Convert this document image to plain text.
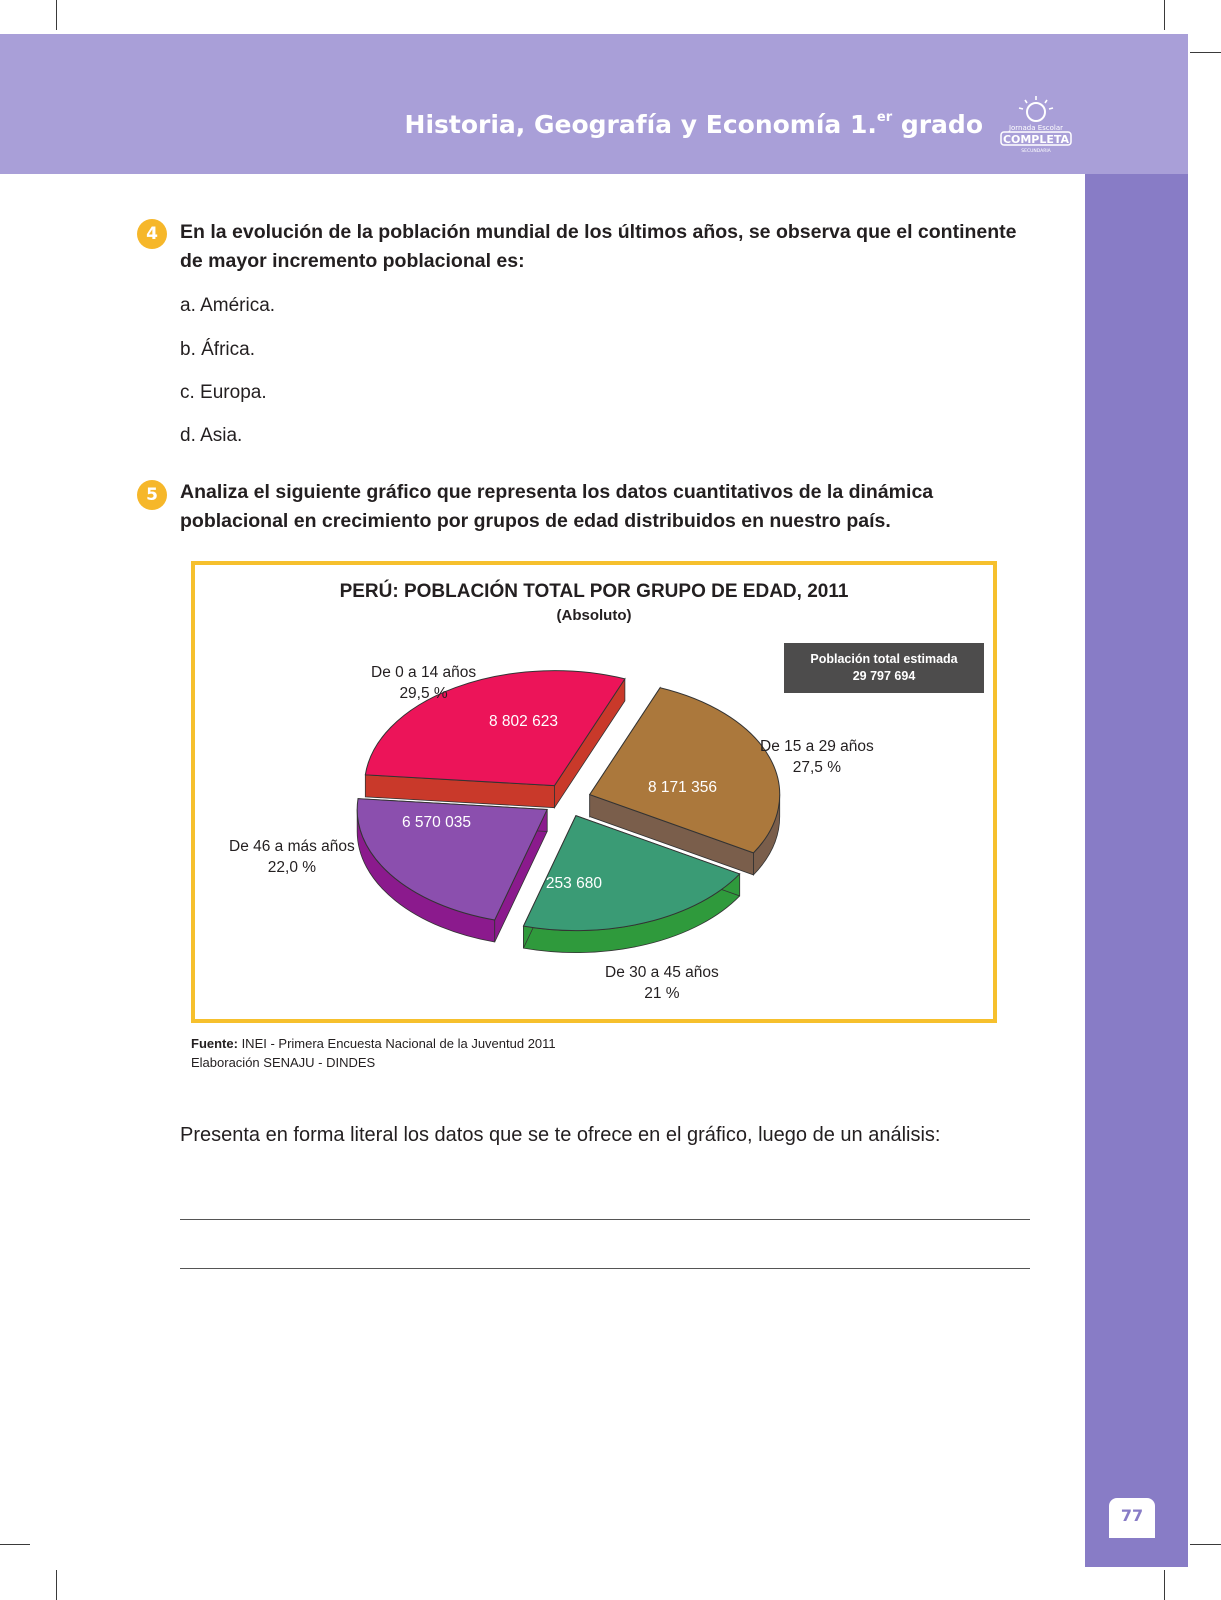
Historia, Geografía y Economía 1.$^{er}$ grado	Jornada Escolar
COMPLETA
SECUNDARIA
77
4	En la evolución de la población mundial de los últimos años, se observa que el continente de mayor incremento poblacional es:
a. América.
b. África.
c. Europa.
d. Asia.
5	Analiza el siguiente gráfico que representa los datos cuantitativos de la dinámica poblacional en crecimiento por grupos de edad distribuidos en nuestro país.
PERÚ: POBLACIÓN TOTAL POR GRUPO DE EDAD, 2011
(Absoluto)
Población total estimada
29 797 694
De 0 a 14 años
29,5 %
De 15 a 29 años
27,5 %
De 30 a 45 años
21 %
De 46 a más años
22,0 %
8 802 623
8 171 356
6 253 680
6 570 035
Fuente: INEI - Primera Encuesta Nacional de la Juventud 2011
Elaboración SENAJU - DINDES
Presenta en forma literal los datos que se te ofrece en el gráfico, luego de un análisis:
